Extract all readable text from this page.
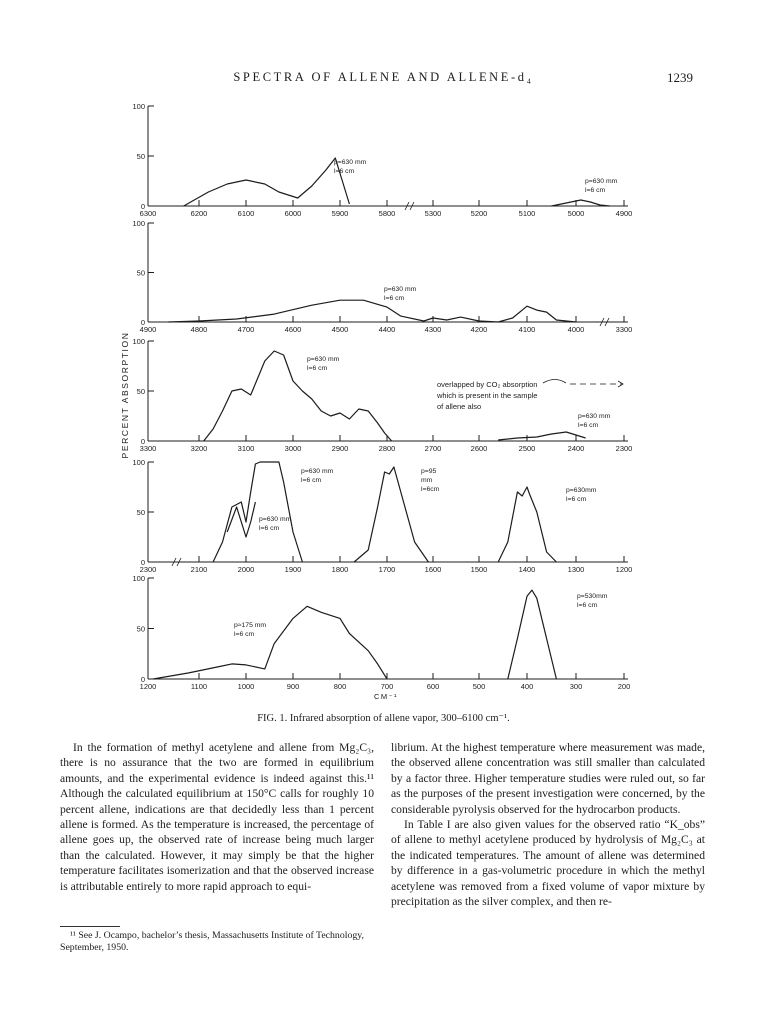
SPECTRA OF ALLENE AND ALLENE-d₄	1239
100
50
0
6300	6200	6100	6000	5900	5800	5300	5200	5100	5000	4900
p=630 mm
l=6 cm
p=630 mm
l=6 cm
100
50
0
4900	4800	4700	4600	4500	4400	4300	4200	4100	4000	3300
p=630 mm
l=6 cm
100
50
0
3300	3200	3100	3000	2900	2800	2700	2600	2500	2400	2300
p=630 mm
l=6 cm
p=630 mm
l=6 cm
100
50
0
2300	2100	2000	1900	1800	1700	1600	1500	1400	1300	1200
p=630 mm
l=6 cm
p=95
mm
l=6cm
p=630 mm
l=6 cm
p=630mm
l=6 cm
100
50
0
1200	1100	1000	900	800	700	600	500	400	300	200
p≈175 mm
l=6 cm
p=530mm
l=6 cm
PERCENT ABSORPTION	overlapped by CO₂ absorption
which is present in the sample
of allene also
CM⁻¹
FIG. 1. Infrared absorption of allene vapor, 300–6100 cm⁻¹.

In the formation of methyl acetylene and allene from Mg₂C₃, there is no assurance that the two are formed in equilibrium amounts, and the experimental evidence is indeed against this.¹¹ Although the calculated equilibrium at 150°C calls for roughly 10 percent allene, indications are that decidedly less than 1 percent allene is formed. As the temperature is increased, the percentage of allene goes up, the observed rate of increase being much larger than the calculated. However, it may simply be that the higher temperature facilitates isomerization and that the observed increase is attributable entirely to more rapid approach to equi-

librium. At the highest temperature where measurement was made, the observed allene concentration was still smaller than calculated by a factor three. Higher temperature studies were ruled out, so far as the purposes of the present investigation were concerned, by the considerable pyrolysis observed for the hydrocarbon products.

In Table I are also given values for the observed ratio “K_obs” of allene to methyl acetylene produced by hydrolysis of Mg₂C₃ at the indicated temperatures. The amount of allene was determined by difference in a gas-volumetric procedure in which the methyl acetylene was removed from a fixed volume of vapor mixture by precipitation as the silver complex, and then re-

¹¹ See J. Ocampo, bachelor’s thesis, Massachusetts Institute of Technology, September, 1950.
